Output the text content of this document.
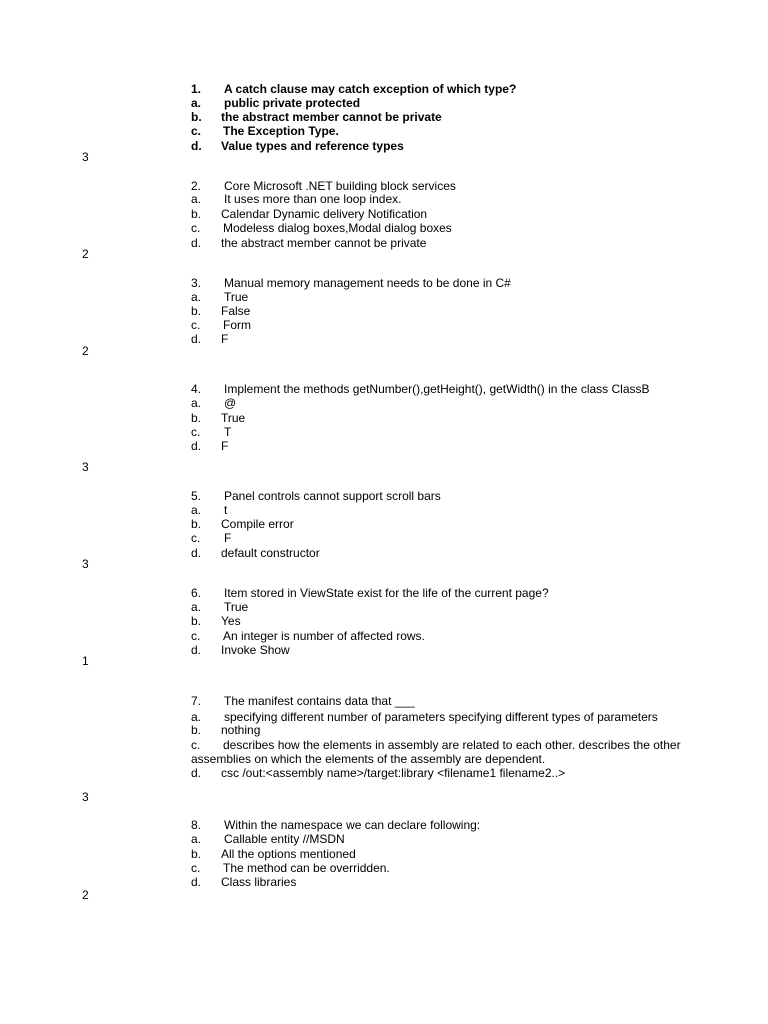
1.	A catch clause may catch exception of which type?
a.	public private protected
b.	the abstract member cannot be private
c.	The Exception Type.
d.	Value types and reference types
3
2.	Core Microsoft .NET building block services
a.	It uses more than one loop index.
b.	Calendar Dynamic delivery Notification
c.	Modeless dialog boxes,Modal dialog boxes
d.	the abstract member cannot be private
2
3.	Manual memory management needs to be done in C#
a.	True
b.	False
c.	Form
d.	F
2
4.	Implement the methods getNumber(),getHeight(), getWidth() in the class ClassB
a.	@
b.	True
c.	T
d.	F
3
5.	Panel controls cannot support scroll bars
a.	t
b.	Compile error
c.	F
d.	default constructor
3
6.	Item stored in ViewState exist for the life of the current page?
a.	True
b.	Yes
c.	An integer is number of affected rows.
d.	Invoke Show
1
7.	The manifest contains data that ___
a.	specifying different number of parameters specifying different types of parameters
b.	nothing
c. describes how the elements in assembly are related to each other. describes the other assemblies on which the elements of the assembly are dependent.
d.	csc /out:<assembly name>/target:library <filename1 filename2..>
3
8.	Within the namespace we can declare following:
a.	Callable entity //MSDN
b.	All the options mentioned
c.	The method can be overridden.
d.	Class libraries
2
